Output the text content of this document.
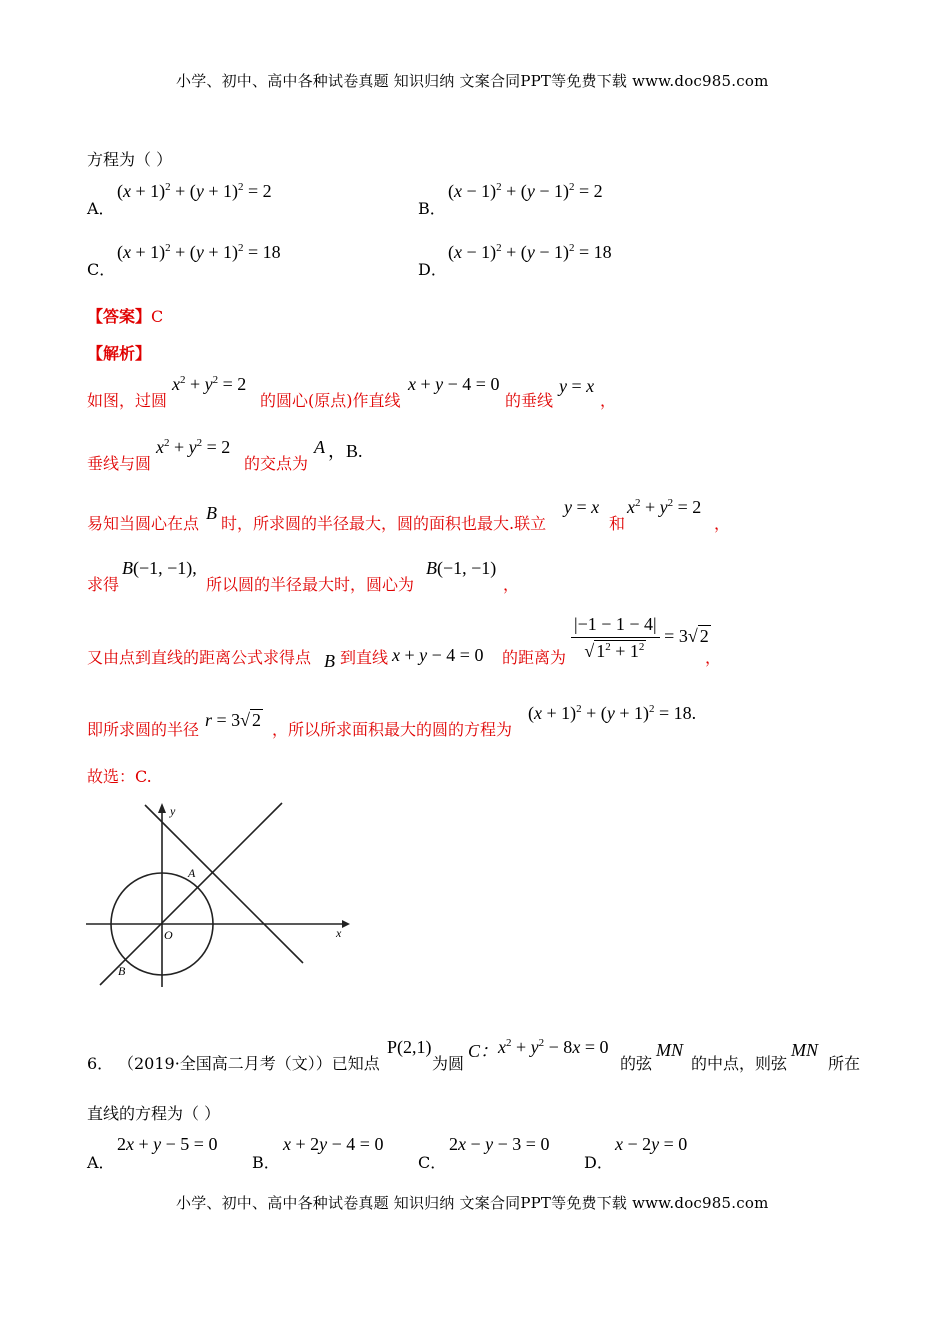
小学、初中、高中各种试卷真题 知识归纳 文案合同PPT等免费下载 www.doc985.com
方程为（ ）
A．
$(x + 1)^2 + (y + 1)^2 = 2$
B．
$(x - 1)^2 + (y - 1)^2 = 2$
C．
$(x + 1)^2 + (y + 1)^2 = 18$
D．
$(x - 1)^2 + (y - 1)^2 = 18$
【答案】C
【解析】
如图，过圆
$x^2 + y^2 = 2$
的圆心(原点)作直线
x + y − 4 = 0
的垂线
y = x
，
垂线与圆
$x^2 + y^2 = 2$
的交点为
A ，B.
易知当圆心在点
B
时，所求圆的半径最大，圆的面积也最大.联立
y = x
和
$x^2 + y^2 = 2$
，
求得
B(−1, −1),
所以圆的半径最大时，圆心为
B(−1, −1)
，
又由点到直线的距离公式求得点 B 到直线 x + y − 4 = 0 的距离为 $\frac{|-1 - 1 - 4|}{√ 1^2 + 1^2} = 3√$ 2
，
即所求圆的半径 r = 3√ 2 ，所以所求面积最大的圆的方程为
$(x + 1)^2 + (y + 1)^2 = 18$.
故选：C.
y
x
O
A
B
6． （2019·全国高二月考（文））已知点
P(2,1)
为圆
C： $x^2 + y^2 - 8x = 0$
的弦
MN
的中点，则弦
MN
所在
直线的方程为（ ）
A．
2x + y − 5 = 0
B．
x + 2y − 4 = 0
C．
2x − y − 3 = 0
D．
x − 2y = 0
小学、初中、高中各种试卷真题 知识归纳 文案合同PPT等免费下载 www.doc985.com
